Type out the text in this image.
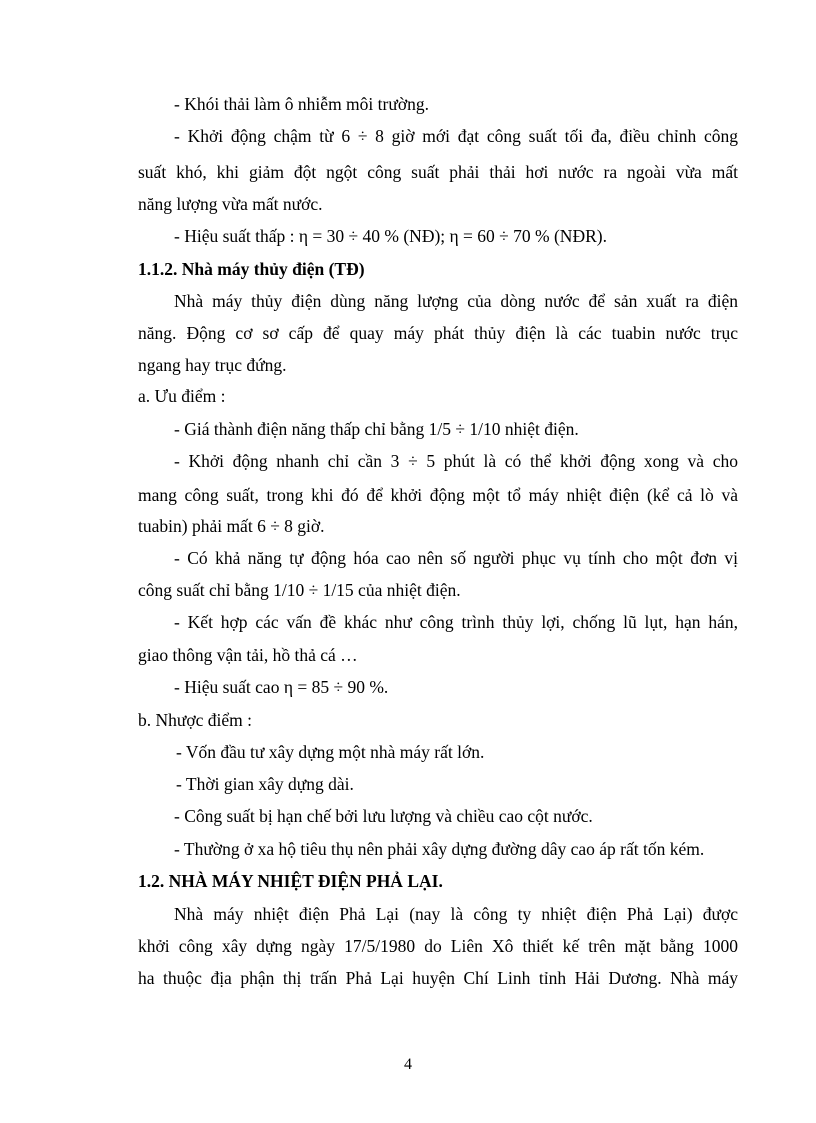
- Khói thải làm ô nhiễm môi trường.
- Khởi động chậm từ 6 ÷ 8 giờ mới đạt công suất tối đa, điều chỉnh công
suất khó, khi giảm đột ngột công suất phải thải hơi nước ra ngoài vừa mất
năng lượng vừa mất nước.
- Hiệu suất thấp : η = 30 ÷ 40 % (NĐ); η = 60 ÷ 70 % (NĐR).
1.1.2. Nhà máy thủy điện (TĐ)
Nhà máy thủy điện dùng năng lượng của dòng nước để sản xuất ra điện
năng. Động cơ sơ cấp để quay máy phát thủy điện là các tuabin nước trục
ngang hay trục đứng.
a. Ưu điểm :
- Giá thành điện năng thấp chỉ bằng 1/5 ÷ 1/10 nhiệt điện.
- Khởi động nhanh chỉ cần 3 ÷ 5 phút là có thể khởi động xong và cho
mang công suất, trong khi đó để khởi động một tổ máy nhiệt điện (kể cả lò và
tuabin) phải mất 6 ÷ 8 giờ.
- Có khả năng tự động hóa cao nên số người phục vụ tính cho một đơn vị
công suất chỉ bằng 1/10 ÷ 1/15 của nhiệt điện.
- Kết hợp các vấn đề khác như công trình thủy lợi, chống lũ lụt, hạn hán,
giao thông vận tải, hồ thả cá …
- Hiệu suất cao η = 85 ÷ 90 %.
b. Nhược điểm :
- Vốn đầu tư xây dựng một nhà máy rất lớn.
- Thời gian xây dựng dài.
- Công suất bị hạn chế bởi lưu lượng và chiều cao cột nước.
- Thường ở xa hộ tiêu thụ nên phải xây dựng đường dây cao áp rất tốn kém.
1.2. NHÀ MÁY NHIỆT ĐIỆN PHẢ LẠI.
Nhà máy nhiệt điện Phả Lại (nay là công ty nhiệt điện Phả Lại) được
khởi công xây dựng ngày 17/5/1980 do Liên Xô thiết kế trên mặt bằng 1000
ha thuộc địa phận thị trấn Phả Lại huyện Chí Linh tỉnh Hải Dương. Nhà máy
4
